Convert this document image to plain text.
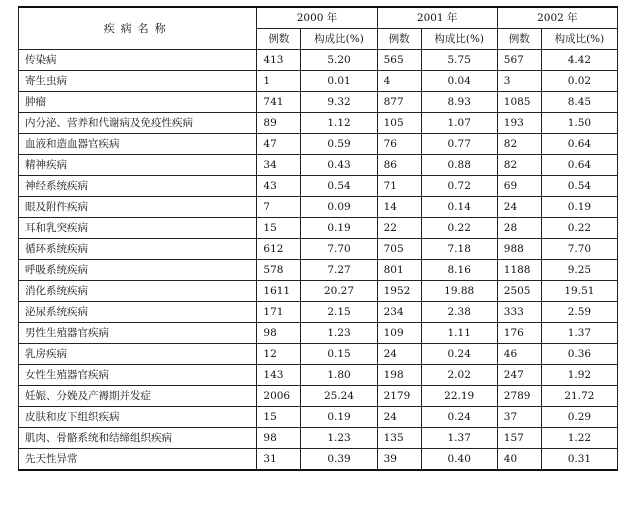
疾病名称	2000 年		2001 年		2002 年	
	例数	构成比(%)	例数	构成比(%)	例数	构成比(%)
传染病	413	5.20	565	5.75	567	4.42
寄生虫病	1	0.01	4	0.04	3	0.02
肿瘤	741	9.32	877	8.93	1085	8.45
内分泌、营养和代谢病及免疫性疾病	89	1.12	105	1.07	193	1.50
血液和造血器官疾病	47	0.59	76	0.77	82	0.64
精神疾病	34	0.43	86	0.88	82	0.64
神经系统疾病	43	0.54	71	0.72	69	0.54
眼及附件疾病	7	0.09	14	0.14	24	0.19
耳和乳突疾病	15	0.19	22	0.22	28	0.22
循环系统疾病	612	7.70	705	7.18	988	7.70
呼吸系统疾病	578	7.27	801	8.16	1188	9.25
消化系统疾病	1611	20.27	1952	19.88	2505	19.51
泌尿系统疾病	171	2.15	234	2.38	333	2.59
男性生殖器官疾病	98	1.23	109	1.11	176	1.37
乳房疾病	12	0.15	24	0.24	46	0.36
女性生殖器官疾病	143	1.80	198	2.02	247	1.92
妊娠、分娩及产褥期并发症	2006	25.24	2179	22.19	2789	21.72
皮肤和皮下组织疾病	15	0.19	24	0.24	37	0.29
肌肉、骨骼系统和结缔组织疾病	98	1.23	135	1.37	157	1.22
先天性异常	31	0.39	39	0.40	40	0.31
